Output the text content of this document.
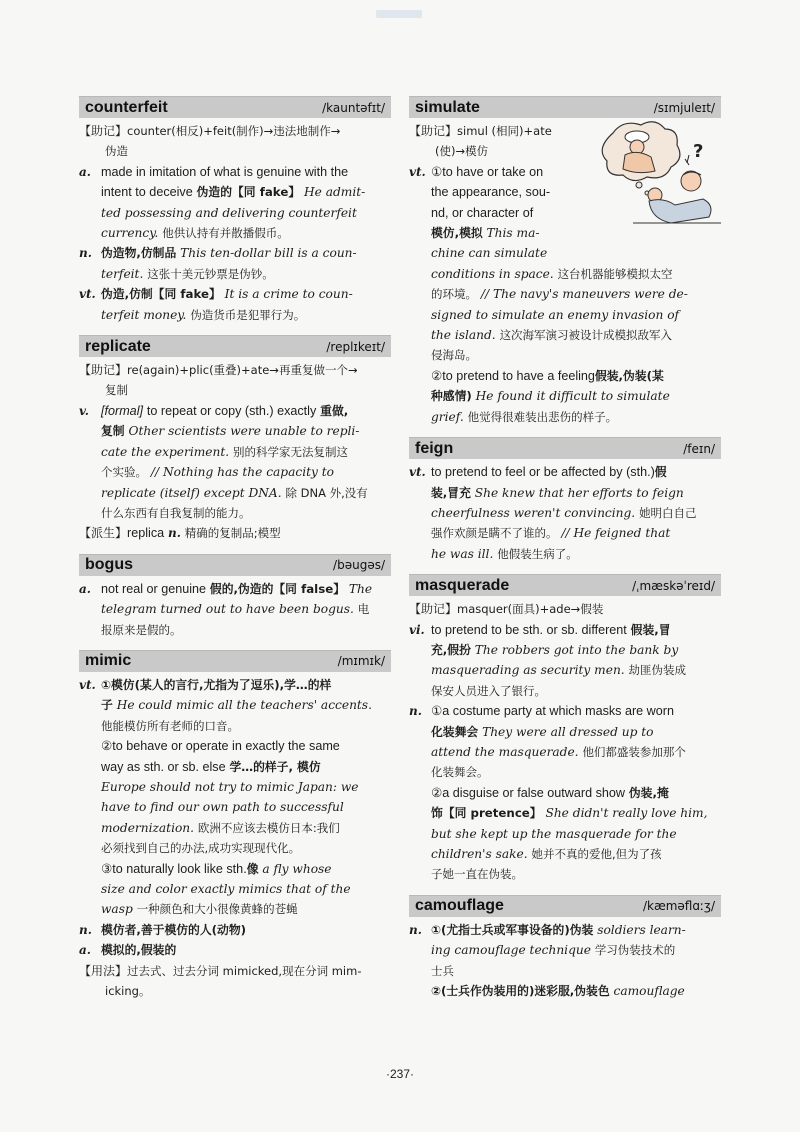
counterfeit	/kauntəfɪt/
【助记】counter(相反)+feit(制作)→违法地制作→
伪造
a. made in imitation of what is genuine with the
intent to deceive 伪造的【同 fake】 He admit-
ted possessing and delivering counterfeit
currency. 他供认持有并散播假币。
n. 伪造物,仿制品 This ten-dollar bill is a coun-
terfeit. 这张十美元钞票是伪钞。
vt. 伪造,仿制【同 fake】 It is a crime to coun-
terfeit money. 伪造货币是犯罪行为。
replicate	/replɪkeɪt/
【助记】re(again)+plic(重叠)+ate→再重复做一个→
复制
v. [formal] to repeat or copy (sth.) exactly 重做,
复制 Other scientists were unable to repli-
cate the experiment. 别的科学家无法复制这
个实验。 // Nothing has the capacity to
replicate (itself) except DNA. 除 DNA 外,没有
什么东西有自我复制的能力。
【派生】replica n. 精确的复制品;模型
bogus	/bəugəs/
a. not real or genuine 假的,伪造的【同 false】 The
telegram turned out to have been bogus. 电
报原来是假的。
mimic	/mɪmɪk/
vt. ①模仿(某人的言行,尤指为了逗乐),学…的样
子 He could mimic all the teachers' accents.
他能模仿所有老师的口音。
②to behave or operate in exactly the same
way as sth. or sb. else 学…的样子, 模仿
Europe should not try to mimic Japan: we
have to find our own path to successful
modernization. 欧洲不应该去模仿日本:我们
必须找到自己的办法,成功实现现代化。
③to naturally look like sth.像 a fly whose
size and color exactly mimics that of the
wasp 一种颜色和大小很像黄蜂的苍蝇
n. 模仿者,善于模仿的人(动物)
a. 模拟的,假装的
【用法】过去式、过去分词 mimicked,现在分词 mim-
icking。
simulate	/sɪmjuleɪt/
?
【助记】simul (相同)+ate
(使)→模仿
vt. ①to have or take on
the appearance, sou-
nd, or character of
模仿,模拟 This ma-
chine can simulate
conditions in space. 这台机器能够模拟太空
的环境。 // The navy's maneuvers were de-
signed to simulate an enemy invasion of
the island. 这次海军演习被设计成模拟敌军入
侵海岛。
②to pretend to have a feeling假装,伪装(某
种感情) He found it difficult to simulate
grief. 他觉得很难装出悲伤的样子。
feign	/feɪn/
vt. to pretend to feel or be affected by (sth.)假
装,冒充 She knew that her efforts to feign
cheerfulness weren't convincing. 她明白自己
强作欢颜是瞒不了谁的。 // He feigned that
he was ill. 他假装生病了。
masquerade	/ˌmæskəˈreɪd/
【助记】masquer(面具)+ade→假装
vi. to pretend to be sth. or sb. different 假装,冒
充,假扮 The robbers got into the bank by
masquerading as security men. 劫匪伪装成
保安人员进入了银行。
n. ①a costume party at which masks are worn
化装舞会 They were all dressed up to
attend the masquerade. 他们都盛装参加那个
化装舞会。
②a disguise or false outward show 伪装,掩
饰【同 pretence】 She didn't really love him,
but she kept up the masquerade for the
children's sake. 她并不真的爱他,但为了孩
子她一直在伪装。
camouflage	/kæməflɑːʒ/
n. ①(尤指士兵或军事设备的)伪装 soldiers learn-
ing camouflage technique 学习伪装技术的
士兵
②(士兵作伪装用的)迷彩服,伪装色 camouflage
·237·
